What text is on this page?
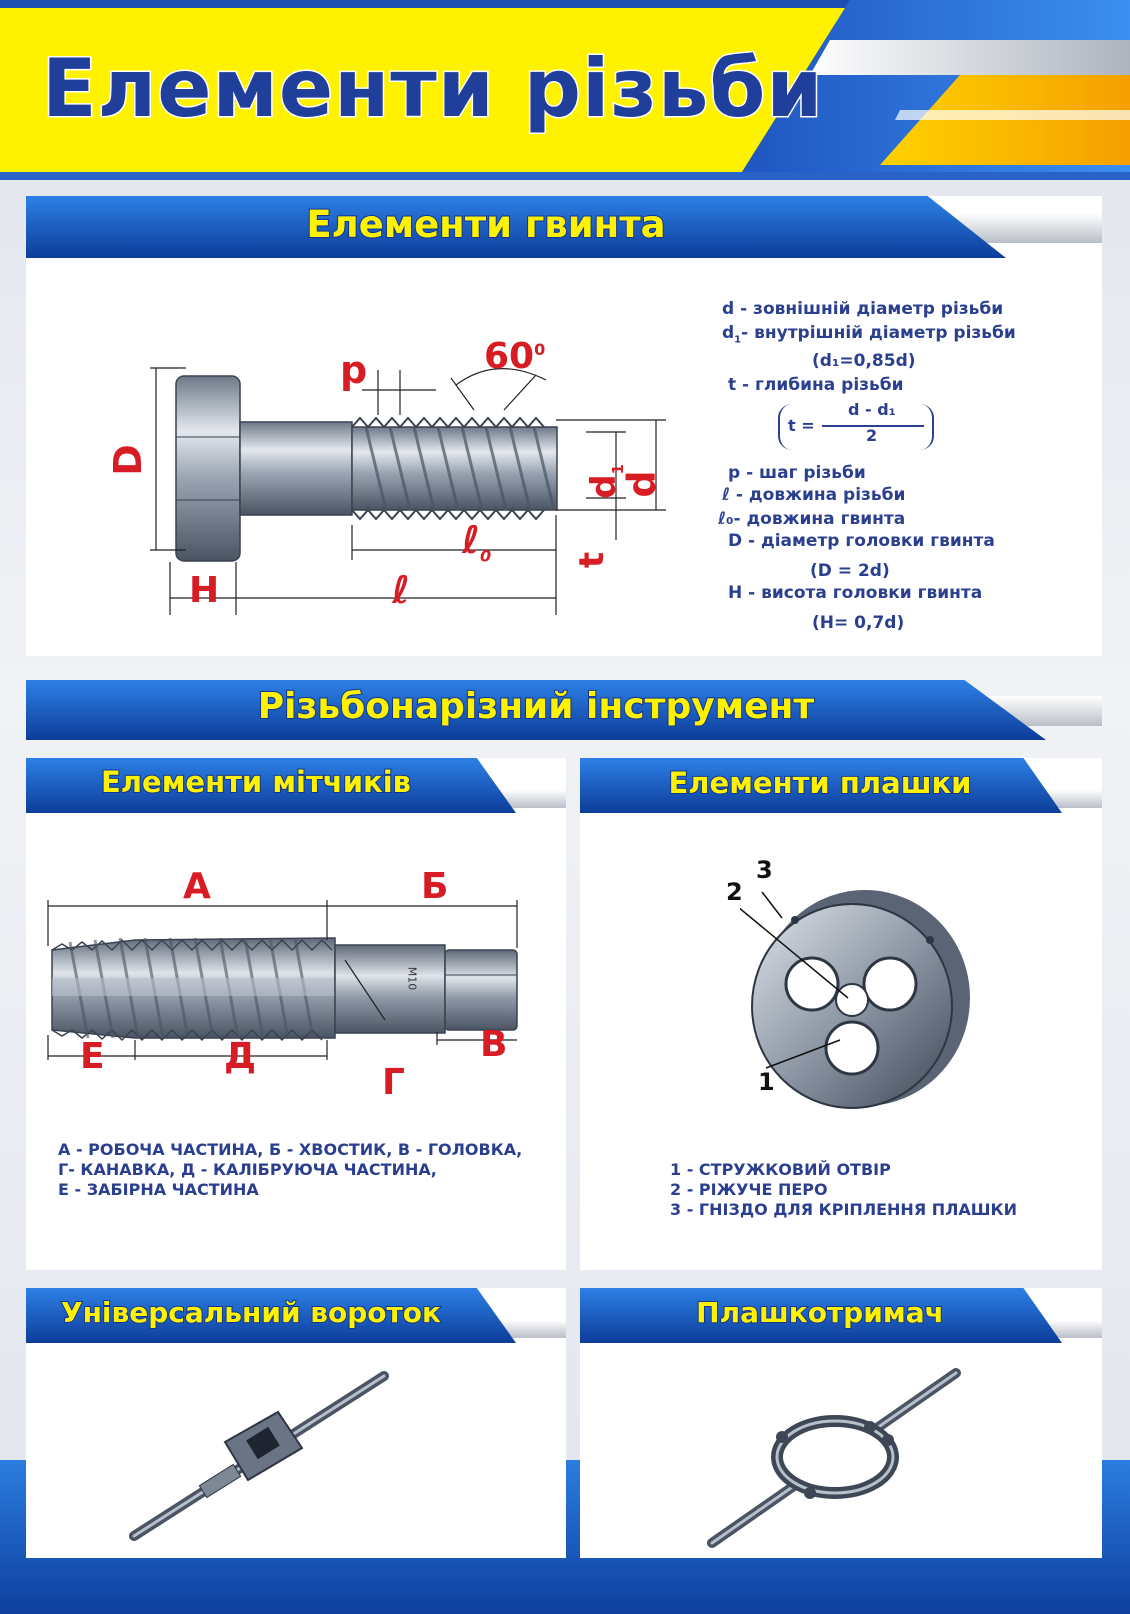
Елементи різьби
Елементи гвинта
D
H
p	$60^0$
ℓ$_0$
ℓ
d
$d_1$
t
d - зовнішній діаметр різьби
$d_1-$ внутрішній діаметр різьби
(d₁=0,85d)
t - глибина різьби
t =
d - d₁
2
p - шаг різьби
ℓ - довжина різьби
ℓ₀- довжина гвинта
D - діаметр головки гвинта
(D = 2d)
H - висота головки гвинта
(H= 0,7d)
Різьбонарізний інструмент
Елементи мітчиків
М10
А	Б
В
Г
Д
Е
А - РОБОЧА ЧАСТИНА, Б - ХВОСТИК, В - ГОЛОВКА,
Г- КАНАВКА, Д - КАЛІБРУЮЧА ЧАСТИНА,
Е - ЗАБІРНА ЧАСТИНА
Елементи плашки
2
3
1
1 - СТРУЖКОВИЙ ОТВІР
2 - РІЖУЧЕ ПЕРО
3 - ГНІЗДО ДЛЯ КРІПЛЕННЯ ПЛАШКИ
Універсальний вороток	Плашкотримач
